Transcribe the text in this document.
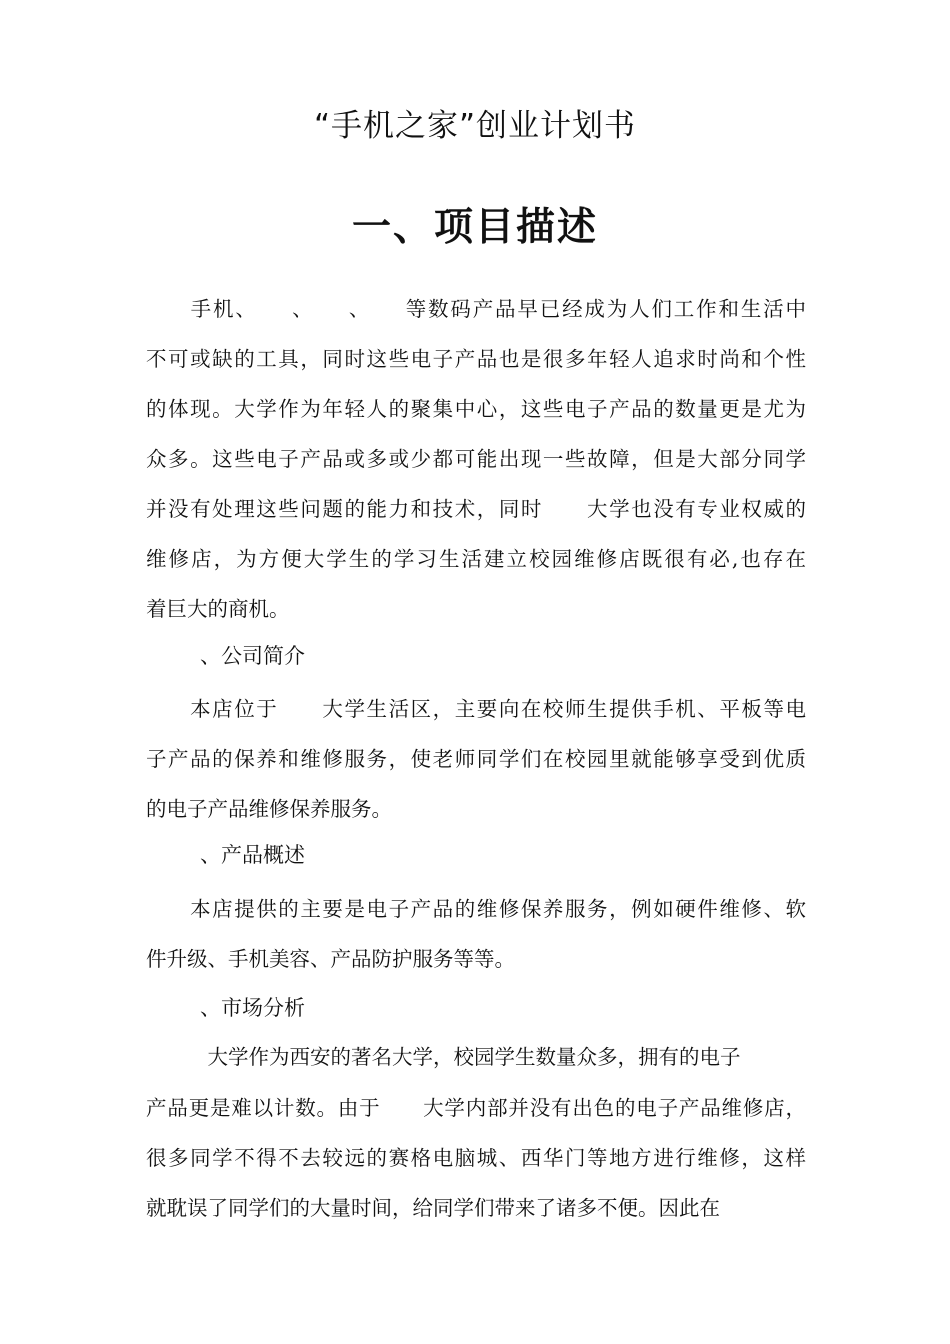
“手机之家”创业计划书
一、项目描述
　　手机、　　、　　、　　等数码产品早已经成为人们工作和生活中
不可或缺的工具，同时这些电子产品也是很多年轻人追求时尚和个性
的体现。大学作为年轻人的聚集中心，这些电子产品的数量更是尤为
众多。这些电子产品或多或少都可能出现一些故障，但是大部分同学
并没有处理这些问题的能力和技术，同时　　大学也没有专业权威的
维修店，为方便大学生的学习生活建立校园维修店既很有必,也存在
着巨大的商机。
、公司简介
　　本店位于　　大学生活区，主要向在校师生提供手机、平板等电
子产品的保养和维修服务，使老师同学们在校园里就能够享受到优质
的电子产品维修保养服务。
、产品概述
　　本店提供的主要是电子产品的维修保养服务，例如硬件维修、软
件升级、手机美容、产品防护服务等等。
、市场分析
　　　大学作为西安的著名大学，校园学生数量众多，拥有的电子
产品更是难以计数。由于　　大学内部并没有出色的电子产品维修店，
很多同学不得不去较远的赛格电脑城、西华门等地方进行维修，这样
就耽误了同学们的大量时间，给同学们带来了诸多不便。因此在
